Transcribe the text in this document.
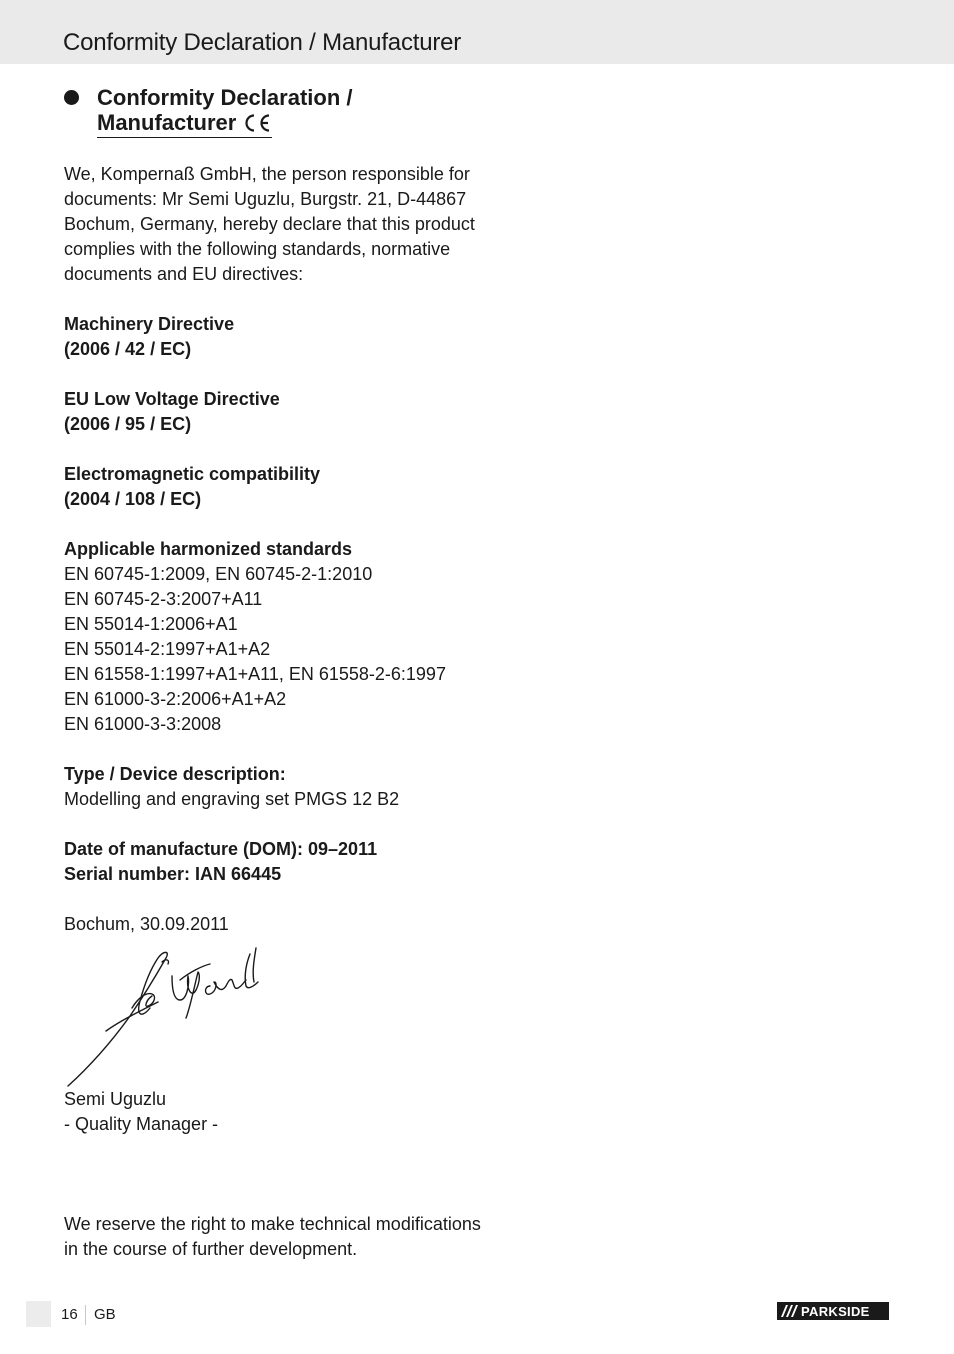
Conformity Declaration / Manufacturer
Conformity Declaration /
Manufacturer

We, Kompernaß GmbH, the person responsible for
documents: Mr Semi Uguzlu, Burgstr. 21, D-44867
Bochum, Germany, hereby declare that this product
complies with the following standards, normative
documents and EU directives:

Machinery Directive
(2006 / 42 / EC)

EU Low Voltage Directive
(2006 / 95 / EC)

Electromagnetic compatibility
(2004 / 108 / EC)

Applicable harmonized standards
EN 60745-1:2009, EN 60745-2-1:2010
EN 60745-2-3:2007+A11
EN 55014-1:2006+A1
EN 55014-2:1997+A1+A2
EN 61558-1:1997+A1+A11, EN 61558-2-6:1997
EN 61000-3-2:2006+A1+A2
EN 61000-3-3:2008

Type / Device description:
Modelling and engraving set PMGS 12 B2

Date of manufacture (DOM): 09–2011
Serial number: IAN 66445

Bochum, 30.09.2011

Semi Uguzlu
- Quality Manager -

We reserve the right to make technical modifications
in the course of further development.

16 GB	PARKSIDE
